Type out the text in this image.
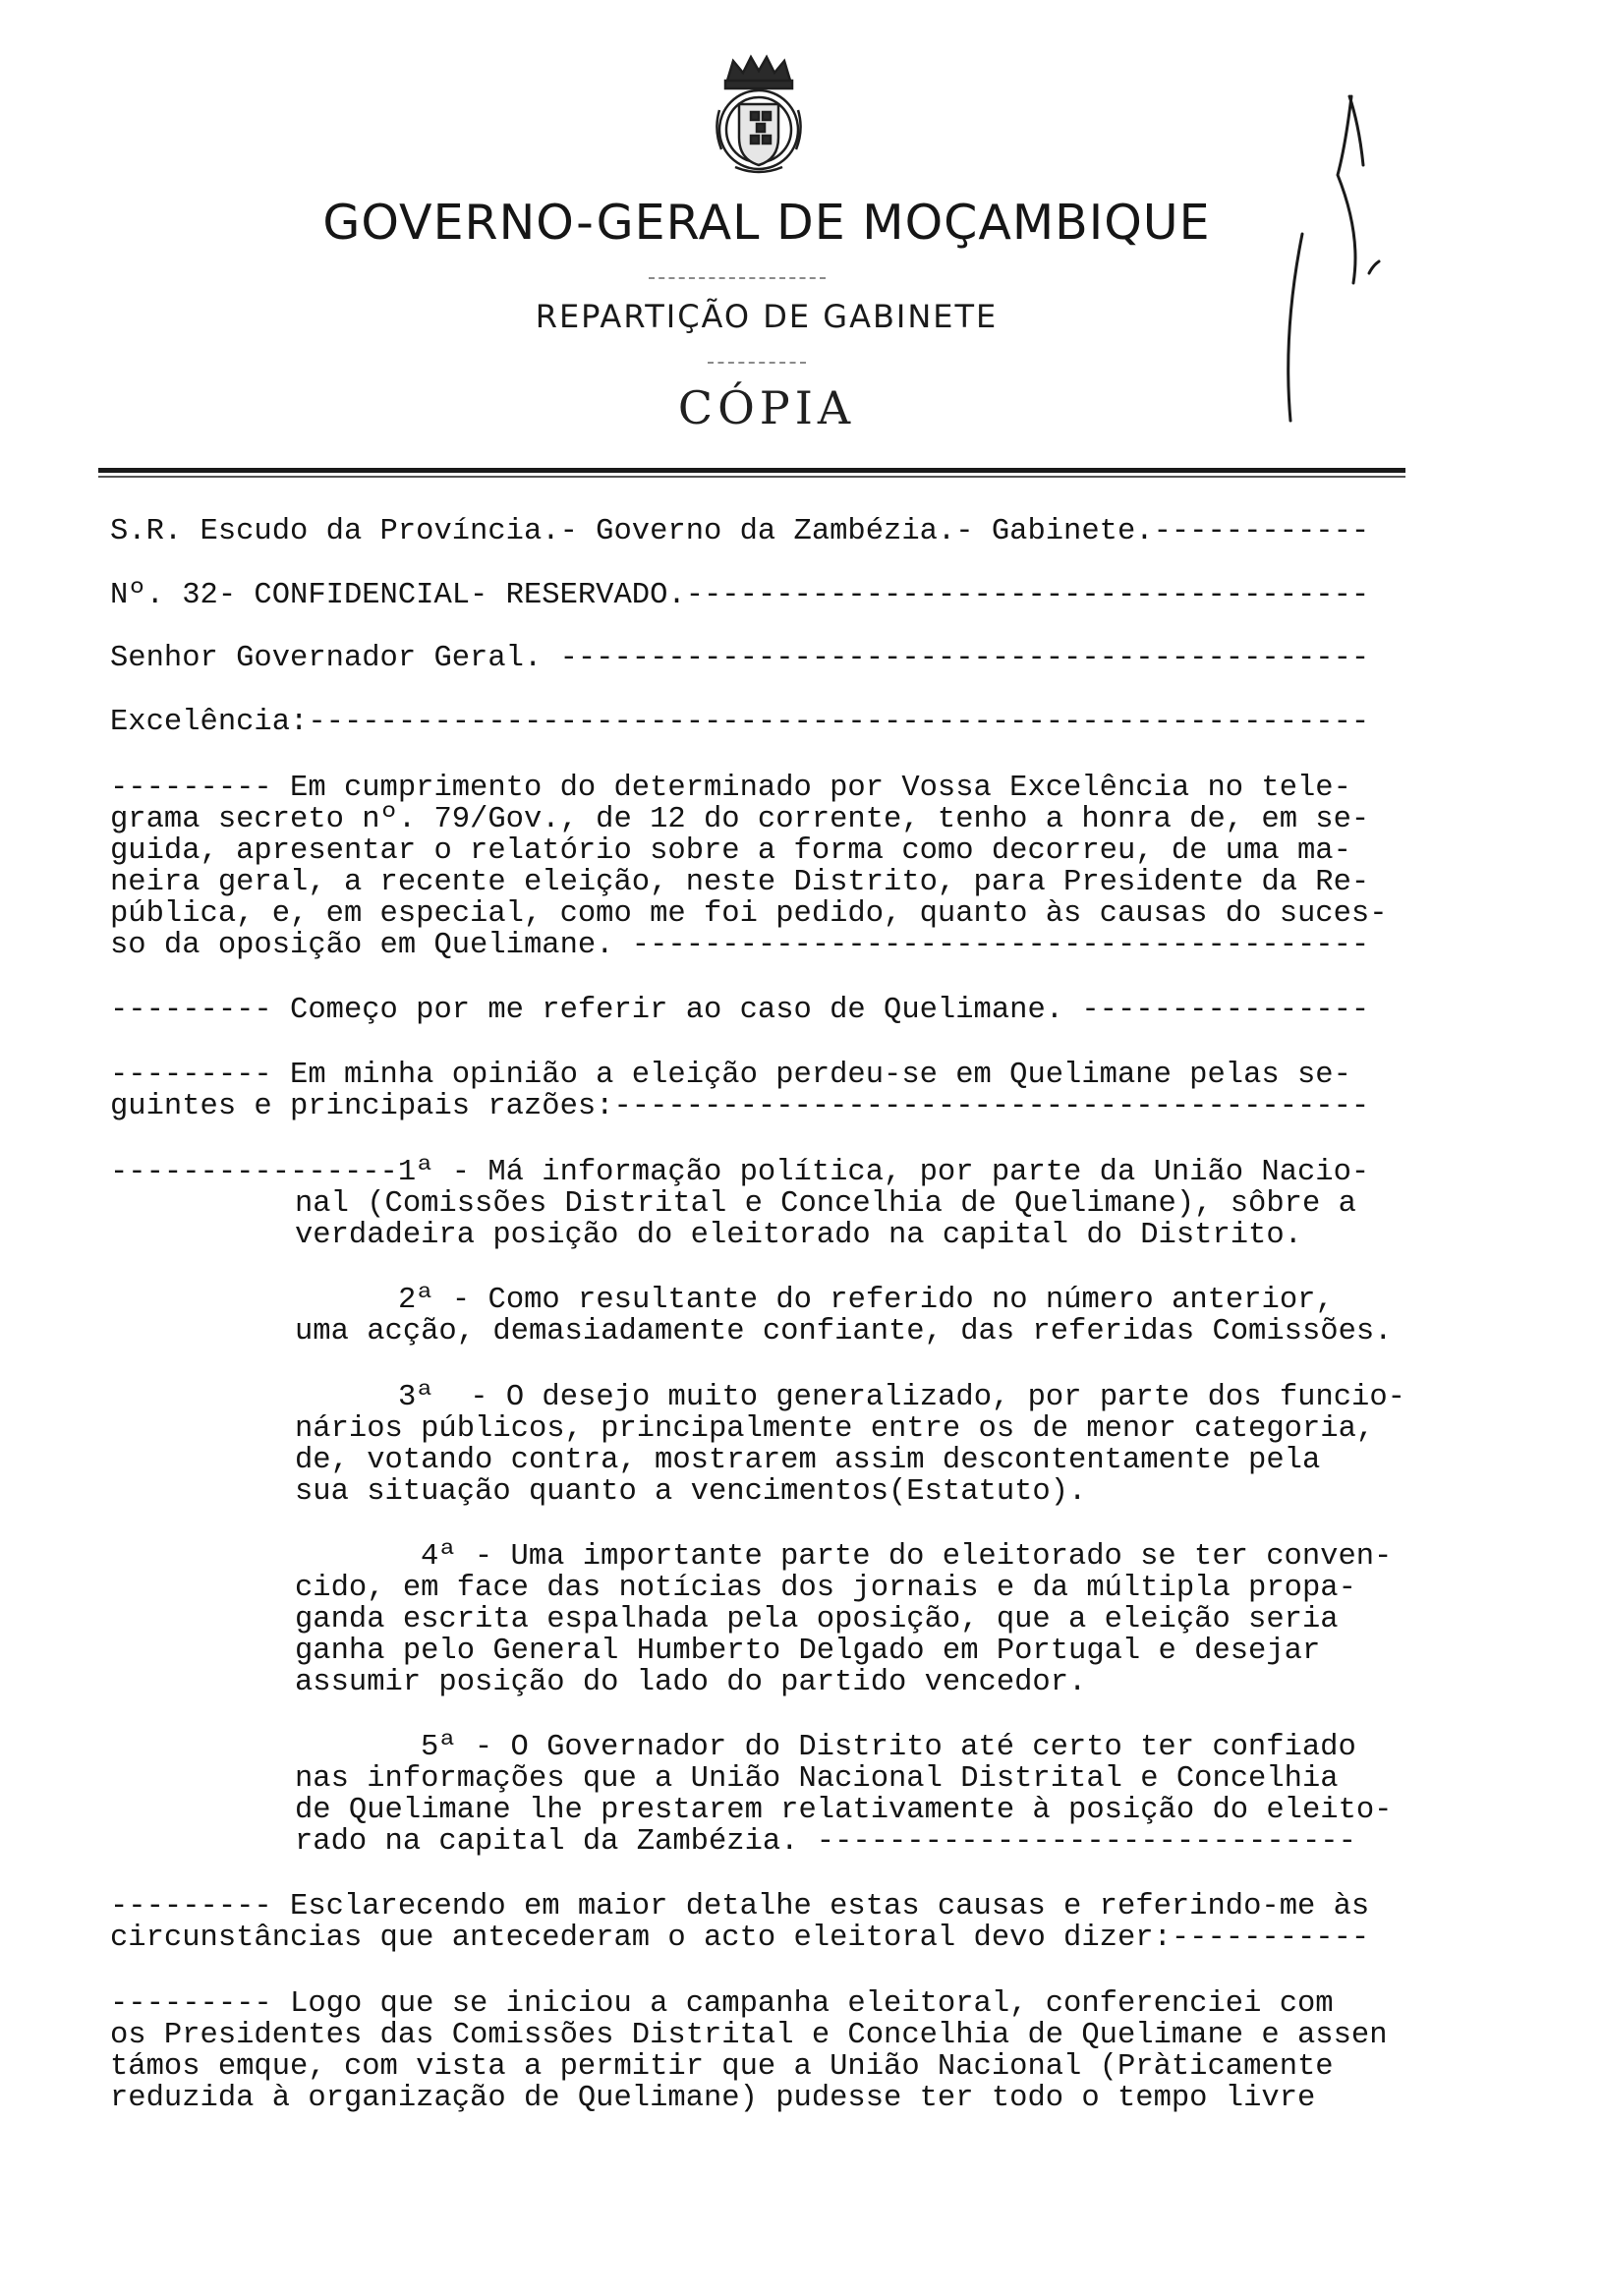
GOVERNO-GERAL DE MOÇAMBIQUE
REPARTIÇÃO DE GABINETE
CÓPIA
S.R. Escudo da Província.- Governo da Zambézia.- Gabinete.------------
Nº. 32- CONFIDENCIAL- RESERVADO.--------------------------------------
Senhor Governador Geral. ---------------------------------------------
Excelência:-----------------------------------------------------------
--------- Em cumprimento do determinado por Vossa Excelência no tele-
grama secreto nº. 79/Gov., de 12 do corrente, tenho a honra de, em se-
guida, apresentar o relatório sobre a forma como decorreu, de uma ma-
neira geral, a recente eleição, neste Distrito, para Presidente da Re-
pública, e, em especial, como me foi pedido, quanto às causas do suces-
so da oposição em Quelimane. -----------------------------------------
--------- Começo por me referir ao caso de Quelimane. ----------------
--------- Em minha opinião a eleição perdeu-se em Quelimane pelas se-
guintes e principais razões:------------------------------------------
----------------1ª - Má informação política, por parte da União Nacio-
nal (Comissões Distrital e Concelhia de Quelimane), sôbre a
verdadeira posição do eleitorado na capital do Distrito.
2ª - Como resultante do referido no número anterior,
uma acção, demasiadamente confiante, das referidas Comissões.
3ª  - O desejo muito generalizado, por parte dos funcio-
nários públicos, principalmente entre os de menor categoria,
de, votando contra, mostrarem assim descontentamente pela
sua situação quanto a vencimentos(Estatuto).
4ª - Uma importante parte do eleitorado se ter conven-
cido, em face das notícias dos jornais e da múltipla propa-
ganda escrita espalhada pela oposição, que a eleição seria
ganha pelo General Humberto Delgado em Portugal e desejar
assumir posição do lado do partido vencedor.
5ª - O Governador do Distrito até certo ter confiado
nas informações que a União Nacional Distrital e Concelhia
de Quelimane lhe prestarem relativamente à posição do eleito-
rado na capital da Zambézia. ------------------------------
--------- Esclarecendo em maior detalhe estas causas e referindo-me às
circunstâncias que antecederam o acto eleitoral devo dizer:-----------
--------- Logo que se iniciou a campanha eleitoral, conferenciei com
os Presidentes das Comissões Distrital e Concelhia de Quelimane e assen
támos emque, com vista a permitir que a União Nacional (Pràticamente
reduzida à organização de Quelimane) pudesse ter todo o tempo livre
